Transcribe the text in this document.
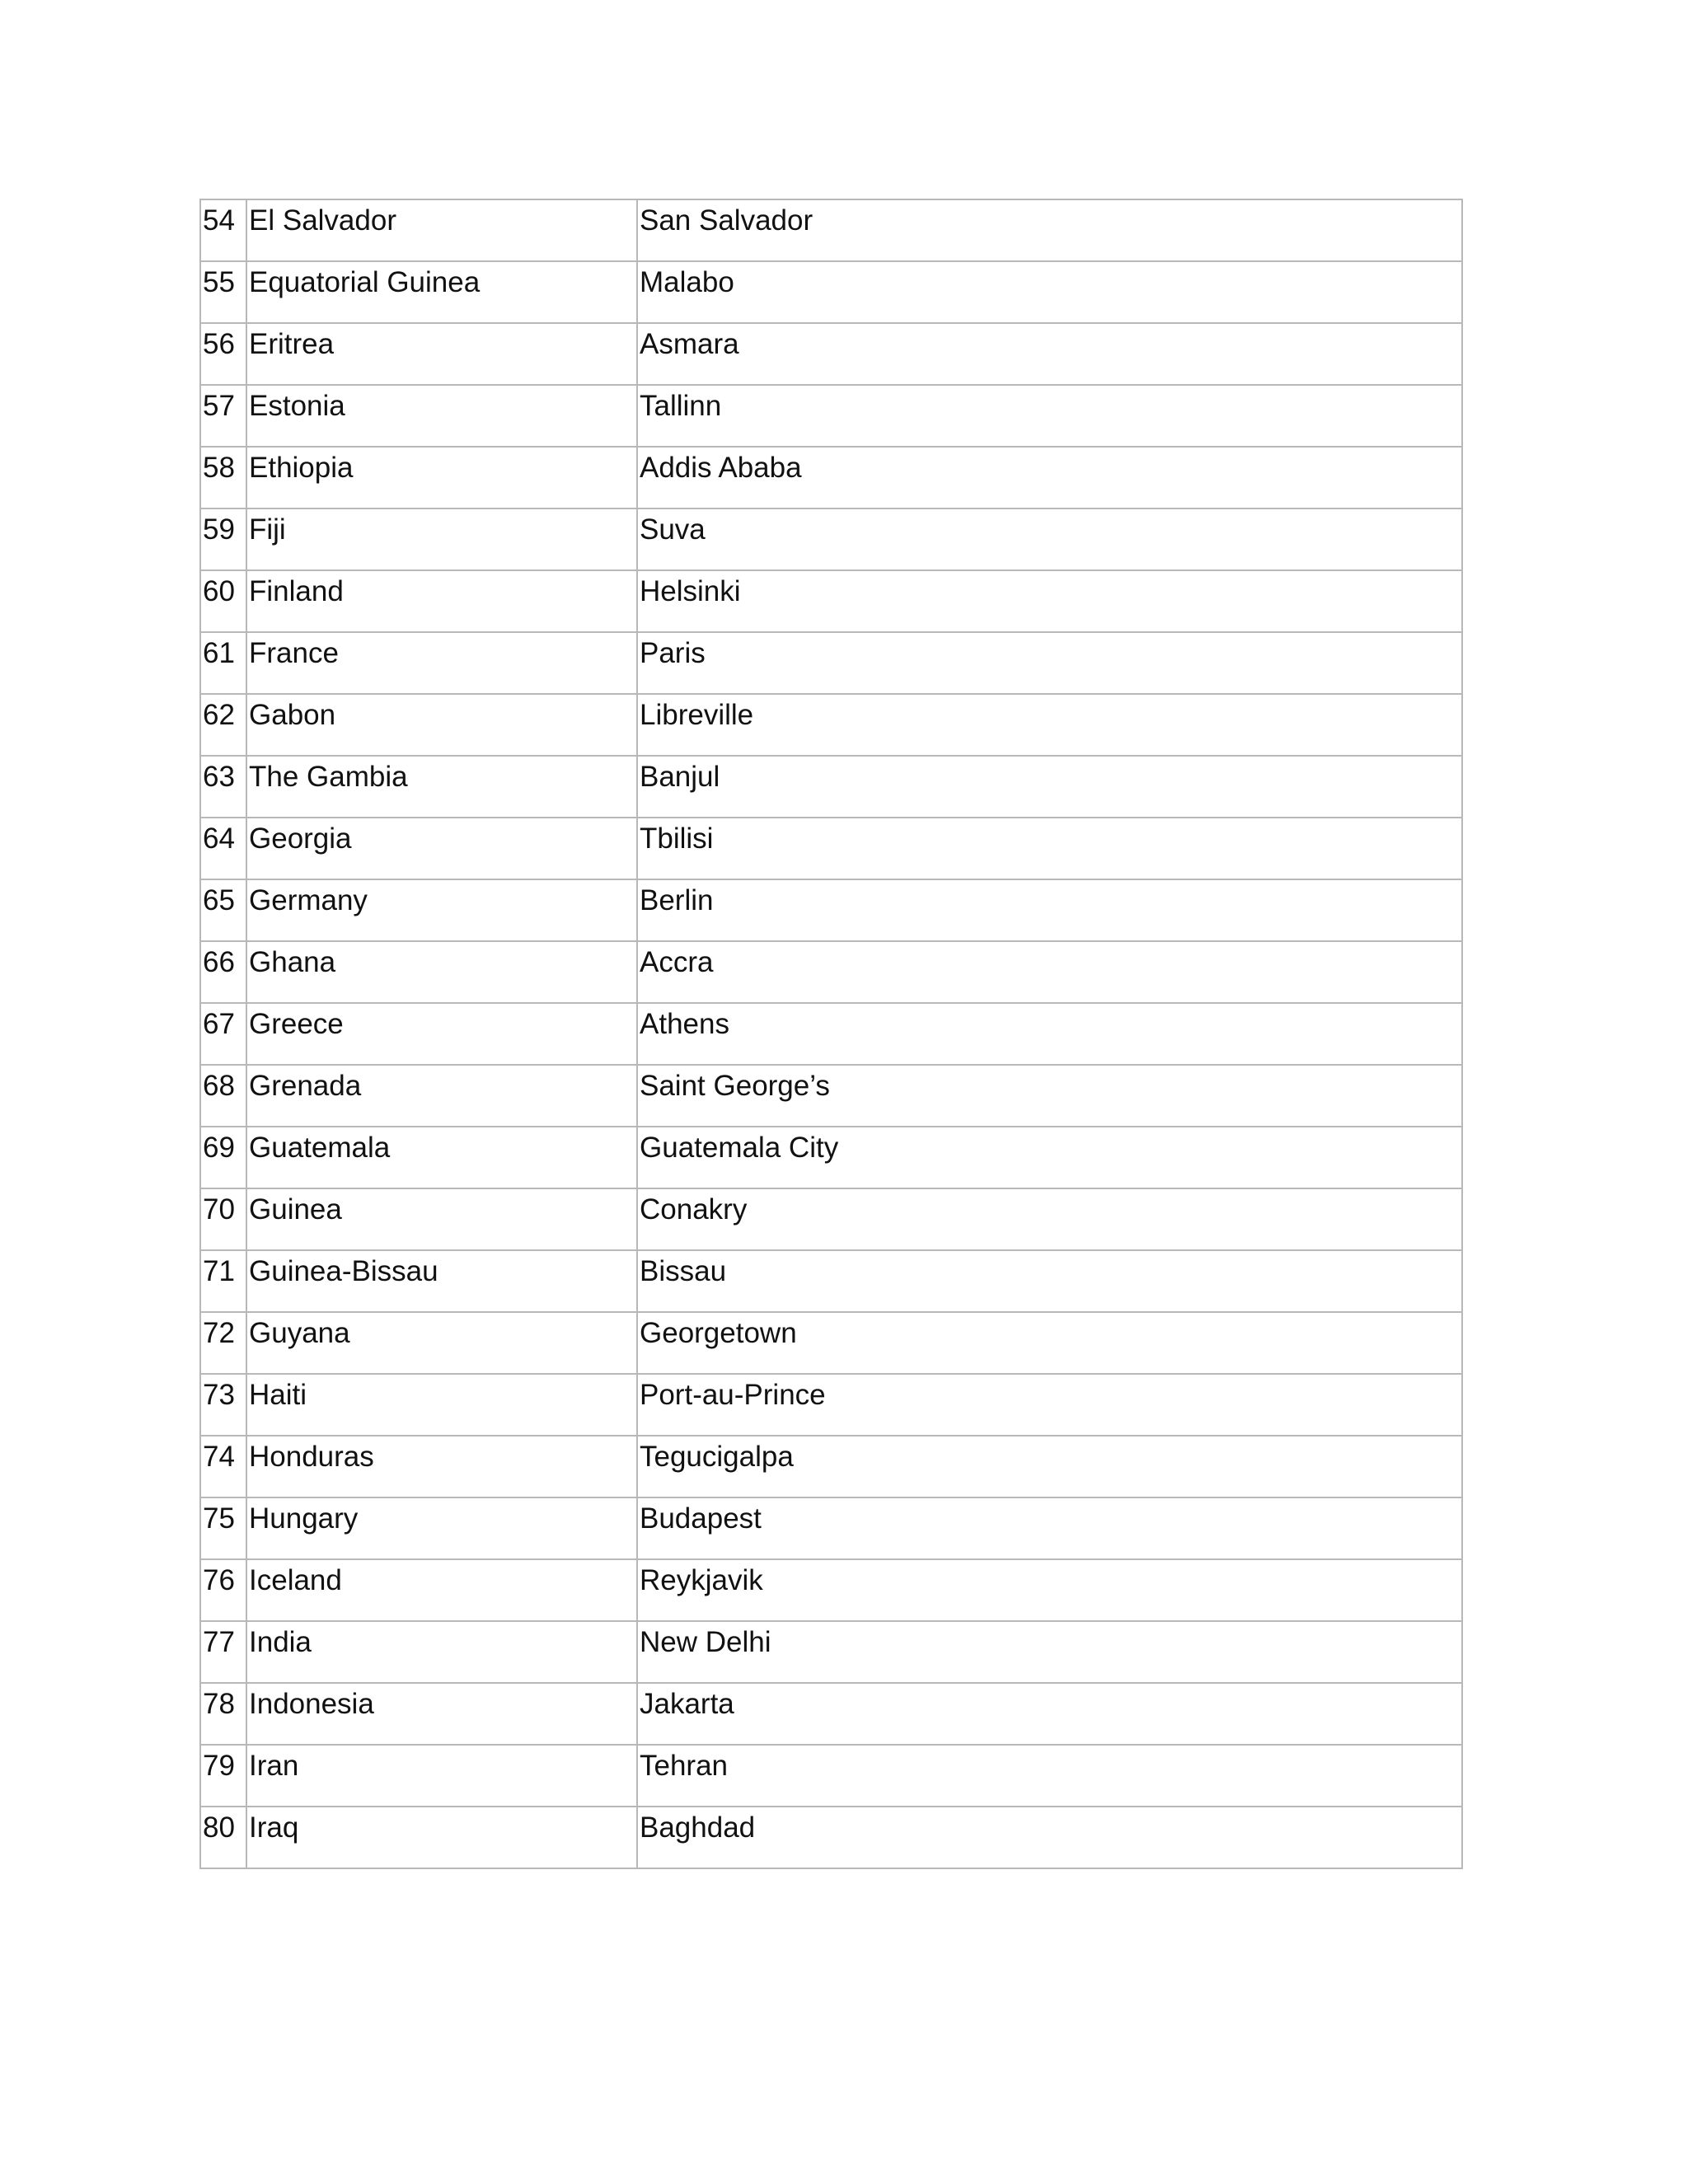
54	El Salvador	San Salvador
55	Equatorial Guinea	Malabo
56	Eritrea	Asmara
57	Estonia	Tallinn
58	Ethiopia	Addis Ababa
59	Fiji	Suva
60	Finland	Helsinki
61	France	Paris
62	Gabon	Libreville
63	The Gambia	Banjul
64	Georgia	Tbilisi
65	Germany	Berlin
66	Ghana	Accra
67	Greece	Athens
68	Grenada	Saint George’s
69	Guatemala	Guatemala City
70	Guinea	Conakry
71	Guinea-Bissau	Bissau
72	Guyana	Georgetown
73	Haiti	Port-au-Prince
74	Honduras	Tegucigalpa
75	Hungary	Budapest
76	Iceland	Reykjavik
77	India	New Delhi
78	Indonesia	Jakarta
79	Iran	Tehran
80	Iraq	Baghdad
